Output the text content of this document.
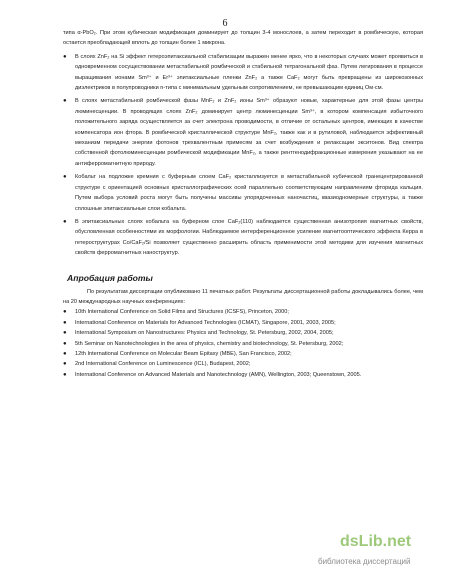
6

типа α-PbO₂. При этом кубическая модификация доминирует до толщин 3-4 монослоев, а затем переходит в ромбическую, которая остается преобладающей вплоть до толщин более 1 микрона.

● В слоях ZnF₂ на Si эффект гетероэпитаксиальной стабилизации выражен менее ярко, что в некоторых случаях может проявиться в одновременном сосуществовании метастабильной ромбической и стабильной тетрагональной фаз. Путем легирования в процессе выращивания ионами Sm³⁺ и Er³⁺ эпитаксиальные пленки ZnF₂ а также CaF₂ могут быть превращены из широкозонных диэлектриков в полупроводники n-типа с минимальным удельным сопротивлением, не превышающим единиц Ом·см.

● В слоях метастабильной ромбической фазы MnF₂ и ZnF₂ ионы Sm³⁺ образуют новые, характерные для этой фазы центры люминесценции. В проводящих слоях ZnF₂ доминирует центр люминесценции Sm³⁺, в котором компенсация избыточного положительного заряда осуществляется за счет электрона проводимости, в отличие от остальных центров, имеющих в качестве компенсатора ион фтора. В ромбической кристаллической структуре MnF₂, также как и в рутиловой, наблюдается эффективный механизм передачи энергии фотонов трехвалентным примесям за счет возбуждения и релаксации экситонов. Вид спектра собственной фотолюминесценции ромбической модификации MnF₂, а также рентгенодифракционные измерения указывают на ее антиферромагнитную природу.

● Кобальт на подложке кремния с буферным слоем CaF₂ кристаллизуется в метастабильной кубической гранецентрированной структуре с ориентацией основных кристаллографических осей параллельно соответствующим направлениям фторида кальция. Путем выбора условий роста могут быть получены массивы упорядоченных наночастиц, квазиодномерные структуры, а также сплошные эпитаксиальные слои кобальта.

● В эпитаксиальных слоях кобальта на буферном слое CaF₂(110) наблюдается существенная анизотропия магнитных свойств, обусловленная особенностями их морфологии. Наблюдаемое интерференционное усиление магнитооптического эффекта Керра в гетероструктурах Co/CaF₂/Si позволяет существенно расширить область применимости этой методики для изучения магнитных свойств ферромагнитных наноструктур.

Апробация работы

По результатам диссертации опубликовано 11 печатных работ. Результаты диссертационной работы докладывались более, чем на 20 международных научных конференциях:

● 10th International Conference on Solid Films and Structures (ICSFS), Princeton, 2000;
● International Conference on Materials for Advanced Technologies (ICMAT), Singapore, 2001, 2003, 2005;
● International Symposium on Nanostructures: Physics and Technology, St. Petersburg, 2002, 2004, 2005;
● 5th Seminar on Nanotechnologies in the area of physics, chemistry and biotechnology, St. Petersburg, 2002;
● 12th International Conference on Molecular Beam Epitaxy (MBE), San Francisco, 2002;
● 2nd International Conference on Luminescence (ICL), Budapest, 2002;
● International Conference on Advanced Materials and Nanotechnology (AMN), Wellington, 2003; Queenstown, 2005.
dsLib.net
библиотека диссертаций
